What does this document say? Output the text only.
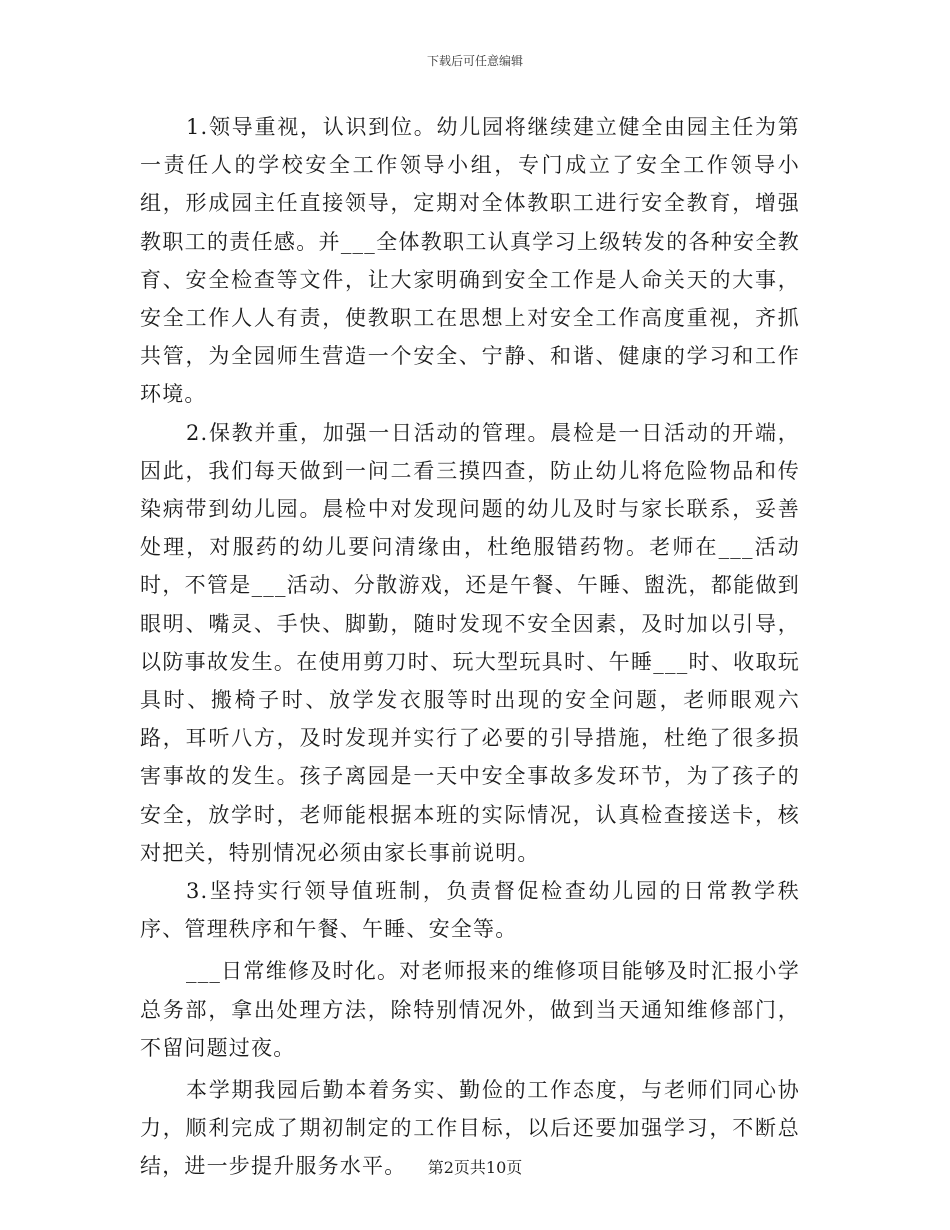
下载后可任意编辑

1.领导重视，认识到位。幼儿园将继续建立健全由园主任为第一责任人的学校安全工作领导小组，专门成立了安全工作领导小组，形成园主任直接领导，定期对全体教职工进行安全教育，增强教职工的责任感。并___全体教职工认真学习上级转发的各种安全教育、安全检查等文件，让大家明确到安全工作是人命关天的大事，安全工作人人有责，使教职工在思想上对安全工作高度重视，齐抓共管，为全园师生营造一个安全、宁静、和谐、健康的学习和工作环境。

2.保教并重，加强一日活动的管理。晨检是一日活动的开端，因此，我们每天做到一问二看三摸四查，防止幼儿将危险物品和传染病带到幼儿园。晨检中对发现问题的幼儿及时与家长联系，妥善处理，对服药的幼儿要问清缘由，杜绝服错药物。老师在___活动时，不管是___活动、分散游戏，还是午餐、午睡、盥洗，都能做到眼明、嘴灵、手快、脚勤，随时发现不安全因素，及时加以引导，以防事故发生。在使用剪刀时、玩大型玩具时、午睡___时、收取玩具时、搬椅子时、放学发衣服等时出现的安全问题，老师眼观六路，耳听八方，及时发现并实行了必要的引导措施，杜绝了很多损害事故的发生。孩子离园是一天中安全事故多发环节，为了孩子的安全，放学时，老师能根据本班的实际情况，认真检查接送卡，核对把关，特别情况必须由家长事前说明。

3.坚持实行领导值班制，负责督促检查幼儿园的日常教学秩序、管理秩序和午餐、午睡、安全等。

___日常维修及时化。对老师报来的维修项目能够及时汇报小学总务部，拿出处理方法，除特别情况外，做到当天通知维修部门，不留问题过夜。

本学期我园后勤本着务实、勤俭的工作态度，与老师们同心协力，顺利完成了期初制定的工作目标，以后还要加强学习，不断总结，进一步提升服务水平。	第2页共10页
